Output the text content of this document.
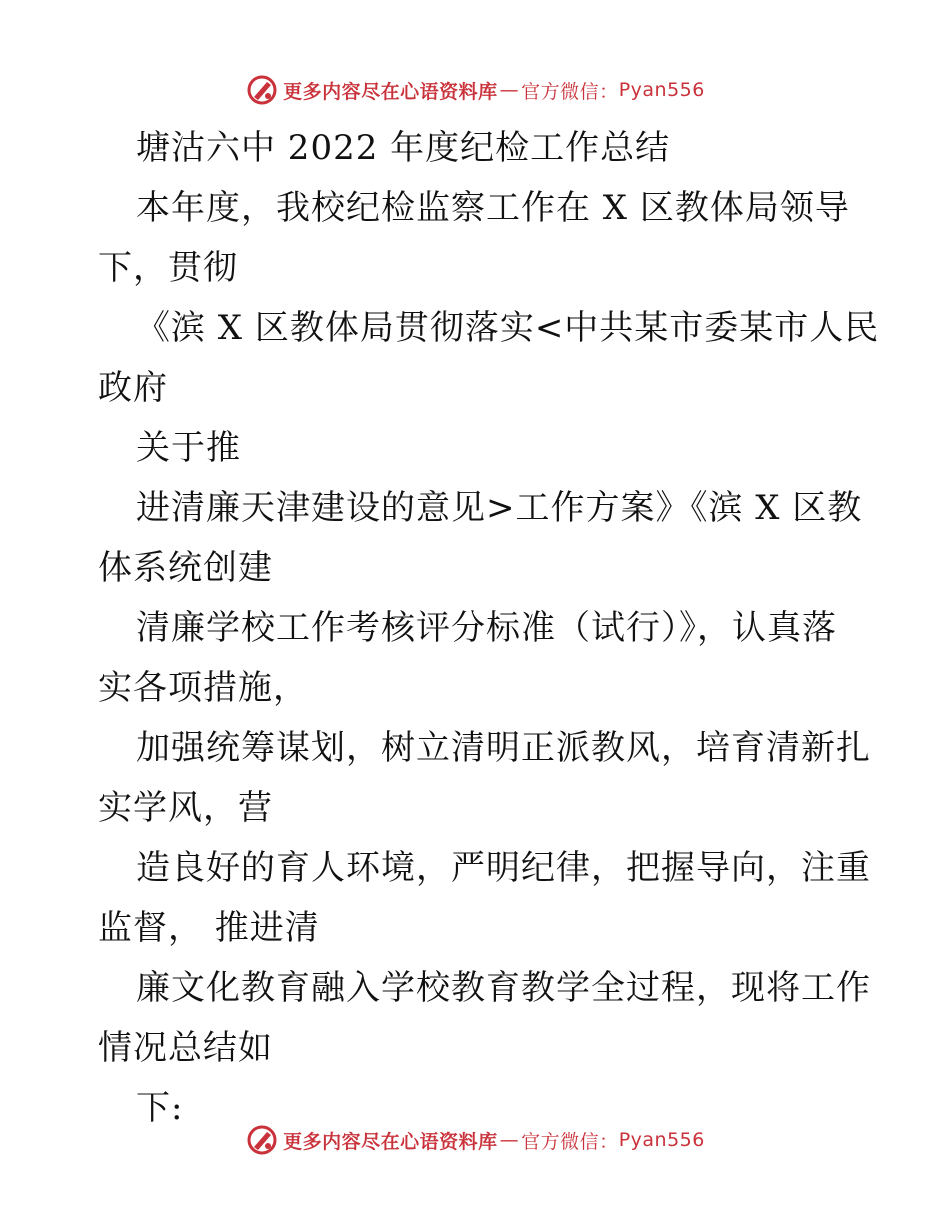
更多内容尽在心语资料库 — 官方微信： Pyan556
塘沽六中 2022 年度纪检工作总结
本年度，我校纪检监察工作在 X 区教体局领导
下，贯彻
《滨 X 区教体局贯彻落实<中共某市委某市人民
政府
关于推
进清廉天津建设的意见>工作方案》《滨 X 区教
体系统创建
清廉学校工作考核评分标准（试行）》，认真落
实各项措施，
加强统筹谋划，树立清明正派教风，培育清新扎
实学风，营
造良好的育人环境，严明纪律，把握导向，注重
监督， 推进清
廉文化教育融入学校教育教学全过程，现将工作
情况总结如
下:
更多内容尽在心语资料库 — 官方微信： Pyan556
